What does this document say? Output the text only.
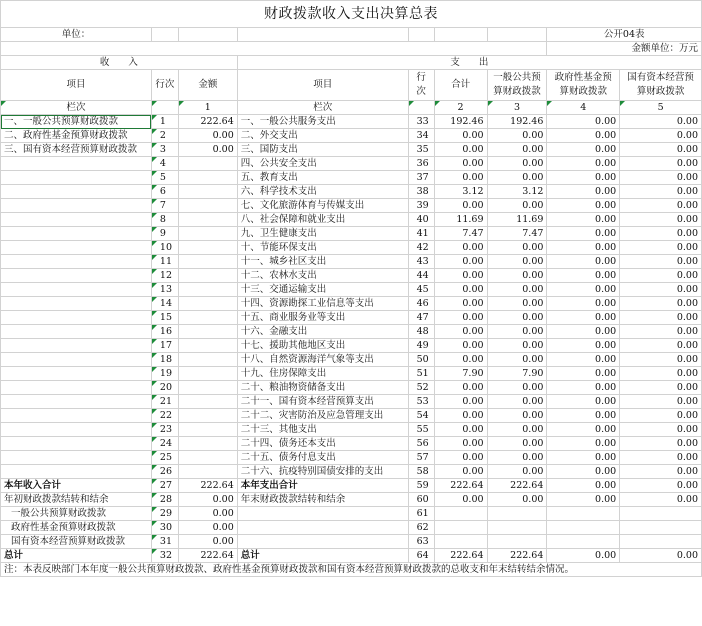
财政拨款收入支出决算总表								
单位：							公开04表	
							金额单位：万元	
收　　入			支　　出					
项目	行次	金额	项目	行次	合计	一般公共预算财政拨款	政府性基金预算财政拨款	国有资本经营预算财政拨款
栏次		1	栏次		2	3	4	5
一、一般公共预算财政拨款	1	222.64	一、一般公共服务支出	33	192.46	192.46	0.00	0.00
二、政府性基金预算财政拨款	2	0.00	二、外交支出	34	0.00	0.00	0.00	0.00
三、国有资本经营预算财政拨款	3	0.00	三、国防支出	35	0.00	0.00	0.00	0.00
	4		四、公共安全支出	36	0.00	0.00	0.00	0.00
	5		五、教育支出	37	0.00	0.00	0.00	0.00
	6		六、科学技术支出	38	3.12	3.12	0.00	0.00
	7		七、文化旅游体育与传媒支出	39	0.00	0.00	0.00	0.00
	8		八、社会保障和就业支出	40	11.69	11.69	0.00	0.00
	9		九、卫生健康支出	41	7.47	7.47	0.00	0.00
	10		十、节能环保支出	42	0.00	0.00	0.00	0.00
	11		十一、城乡社区支出	43	0.00	0.00	0.00	0.00
	12		十二、农林水支出	44	0.00	0.00	0.00	0.00
	13		十三、交通运输支出	45	0.00	0.00	0.00	0.00
	14		十四、资源勘探工业信息等支出	46	0.00	0.00	0.00	0.00
	15		十五、商业服务业等支出	47	0.00	0.00	0.00	0.00
	16		十六、金融支出	48	0.00	0.00	0.00	0.00
	17		十七、援助其他地区支出	49	0.00	0.00	0.00	0.00
	18		十八、自然资源海洋气象等支出	50	0.00	0.00	0.00	0.00
	19		十九、住房保障支出	51	7.90	7.90	0.00	0.00
	20		二十、粮油物资储备支出	52	0.00	0.00	0.00	0.00
	21		二十一、国有资本经营预算支出	53	0.00	0.00	0.00	0.00
	22		二十二、灾害防治及应急管理支出	54	0.00	0.00	0.00	0.00
	23		二十三、其他支出	55	0.00	0.00	0.00	0.00
	24		二十四、债务还本支出	56	0.00	0.00	0.00	0.00
	25		二十五、债务付息支出	57	0.00	0.00	0.00	0.00
	26		二十六、抗疫特别国债安排的支出	58	0.00	0.00	0.00	0.00
本年收入合计	27	222.64	本年支出合计	59	222.64	222.64	0.00	0.00
年初财政拨款结转和结余	28	0.00	年末财政拨款结转和结余	60	0.00	0.00	0.00	0.00
一般公共预算财政拨款	29	0.00		61				
政府性基金预算财政拨款	30	0.00		62				
国有资本经营预算财政拨款	31	0.00		63				
总计	32	222.64	总计	64	222.64	222.64	0.00	0.00
注：本表反映部门本年度一般公共预算财政拨款、政府性基金预算财政拨款和国有资本经营预算财政拨款的总收支和年末结转结余情况。								
